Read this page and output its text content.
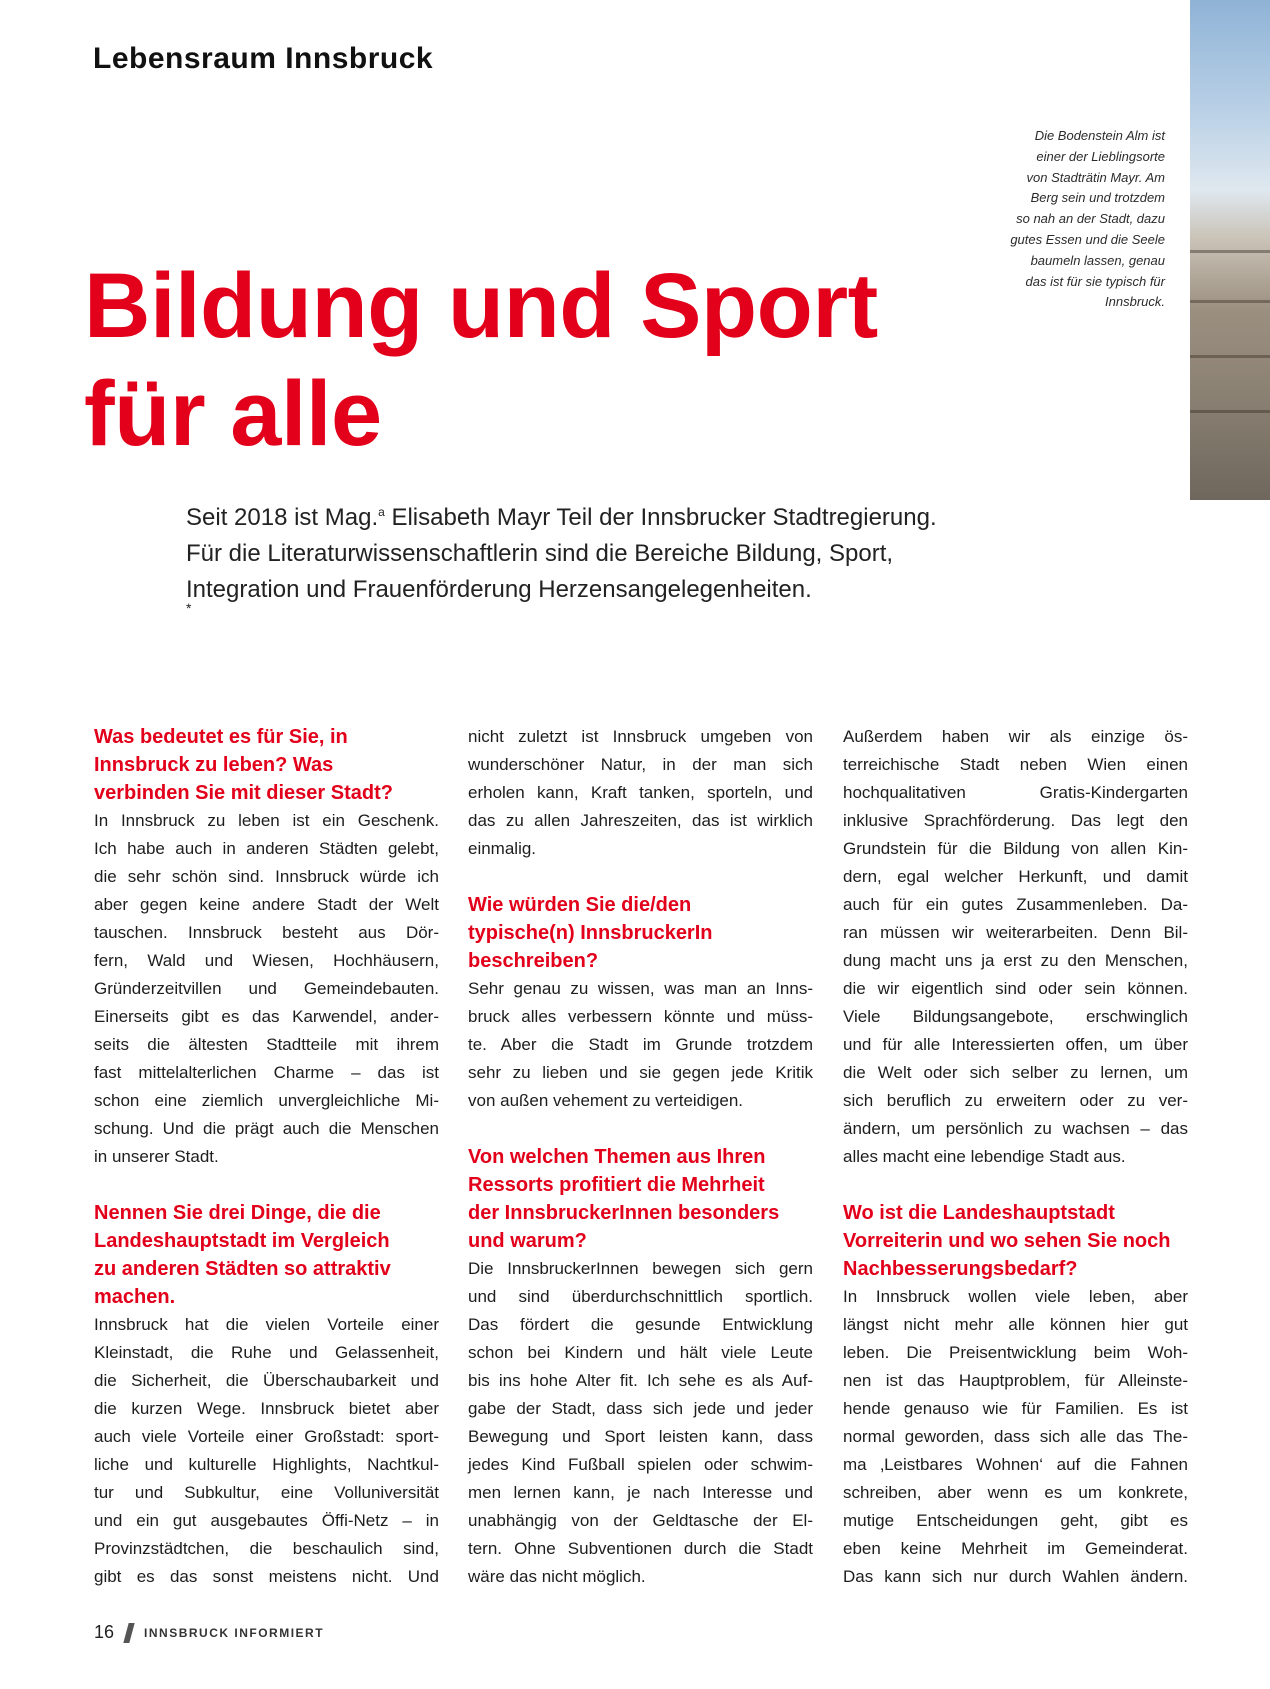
Lebensraum Innsbruck
Die Bodenstein Alm ist
einer der Lieblingsorte
von Stadträtin Mayr. Am
Berg sein und trotzdem
so nah an der Stadt, dazu
gutes Essen und die Seele
baumeln lassen, genau
das ist für sie typisch für
Innsbruck.
Bildung und Sport
für alle
Seit 2018 ist Mag.$^a$ Elisabeth Mayr Teil der Innsbrucker Stadtregierung.
Für die Literaturwissenschaftlerin sind die Bereiche Bildung, Sport,
Integration und Frauenförderung Herzensangelegenheiten.
*
Was bedeutet es für Sie, in
Innsbruck zu leben? Was
verbinden Sie mit dieser Stadt?
In Innsbruck zu leben ist ein Geschenk.
Ich habe auch in anderen Städten gelebt,
die sehr schön sind. Innsbruck würde ich
aber gegen keine andere Stadt der Welt
tauschen. Innsbruck besteht aus Dör-
fern, Wald und Wiesen, Hochhäusern,
Gründerzeitvillen und Gemeindebauten.
Einerseits gibt es das Karwendel, ander-
seits die ältesten Stadtteile mit ihrem
fast mittelalterlichen Charme – das ist
schon eine ziemlich unvergleichliche Mi-
schung. Und die prägt auch die Menschen
in unserer Stadt.
Nennen Sie drei Dinge, die die
Landeshauptstadt im Vergleich
zu anderen Städten so attraktiv
machen.
Innsbruck hat die vielen Vorteile einer
Kleinstadt, die Ruhe und Gelassenheit,
die Sicherheit, die Überschaubarkeit und
die kurzen Wege. Innsbruck bietet aber
auch viele Vorteile einer Großstadt: sport-
liche und kulturelle Highlights, Nachtkul-
tur und Subkultur, eine Volluniversität
und ein gut ausgebautes Öffi-Netz – in
Provinzstädtchen, die beschaulich sind,
gibt es das sonst meistens nicht. Und
nicht zuletzt ist Innsbruck umgeben von
wunderschöner Natur, in der man sich
erholen kann, Kraft tanken, sporteln, und
das zu allen Jahreszeiten, das ist wirklich
einmalig.
Wie würden Sie die/den
typische(n) InnsbruckerIn
beschreiben?
Sehr genau zu wissen, was man an Inns-
bruck alles verbessern könnte und müss-
te. Aber die Stadt im Grunde trotzdem
sehr zu lieben und sie gegen jede Kritik
von außen vehement zu verteidigen.
Von welchen Themen aus Ihren
Ressorts profitiert die Mehrheit
der InnsbruckerInnen besonders
und warum?
Die InnsbruckerInnen bewegen sich gern
und sind überdurchschnittlich sportlich.
Das fördert die gesunde Entwicklung
schon bei Kindern und hält viele Leute
bis ins hohe Alter fit. Ich sehe es als Auf-
gabe der Stadt, dass sich jede und jeder
Bewegung und Sport leisten kann, dass
jedes Kind Fußball spielen oder schwim-
men lernen kann, je nach Interesse und
unabhängig von der Geldtasche der El-
tern. Ohne Subventionen durch die Stadt
wäre das nicht möglich.
Außerdem haben wir als einzige ös-
terreichische Stadt neben Wien einen
hochqualitativen Gratis-Kindergarten
inklusive Sprachförderung. Das legt den
Grundstein für die Bildung von allen Kin-
dern, egal welcher Herkunft, und damit
auch für ein gutes Zusammenleben. Da-
ran müssen wir weiterarbeiten. Denn Bil-
dung macht uns ja erst zu den Menschen,
die wir eigentlich sind oder sein können.
Viele Bildungsangebote, erschwinglich
und für alle Interessierten offen, um über
die Welt oder sich selber zu lernen, um
sich beruflich zu erweitern oder zu ver-
ändern, um persönlich zu wachsen – das
alles macht eine lebendige Stadt aus.
Wo ist die Landeshauptstadt
Vorreiterin und wo sehen Sie noch
Nachbesserungsbedarf?
In Innsbruck wollen viele leben, aber
längst nicht mehr alle können hier gut
leben. Die Preisentwicklung beim Woh-
nen ist das Hauptproblem, für Alleinste-
hende genauso wie für Familien. Es ist
normal geworden, dass sich alle das The-
ma ‚Leistbares Wohnen‘ auf die Fahnen
schreiben, aber wenn es um konkrete,
mutige Entscheidungen geht, gibt es
eben keine Mehrheit im Gemeinderat.
Das kann sich nur durch Wahlen ändern.
16	INNSBRUCK INFORMIERT
